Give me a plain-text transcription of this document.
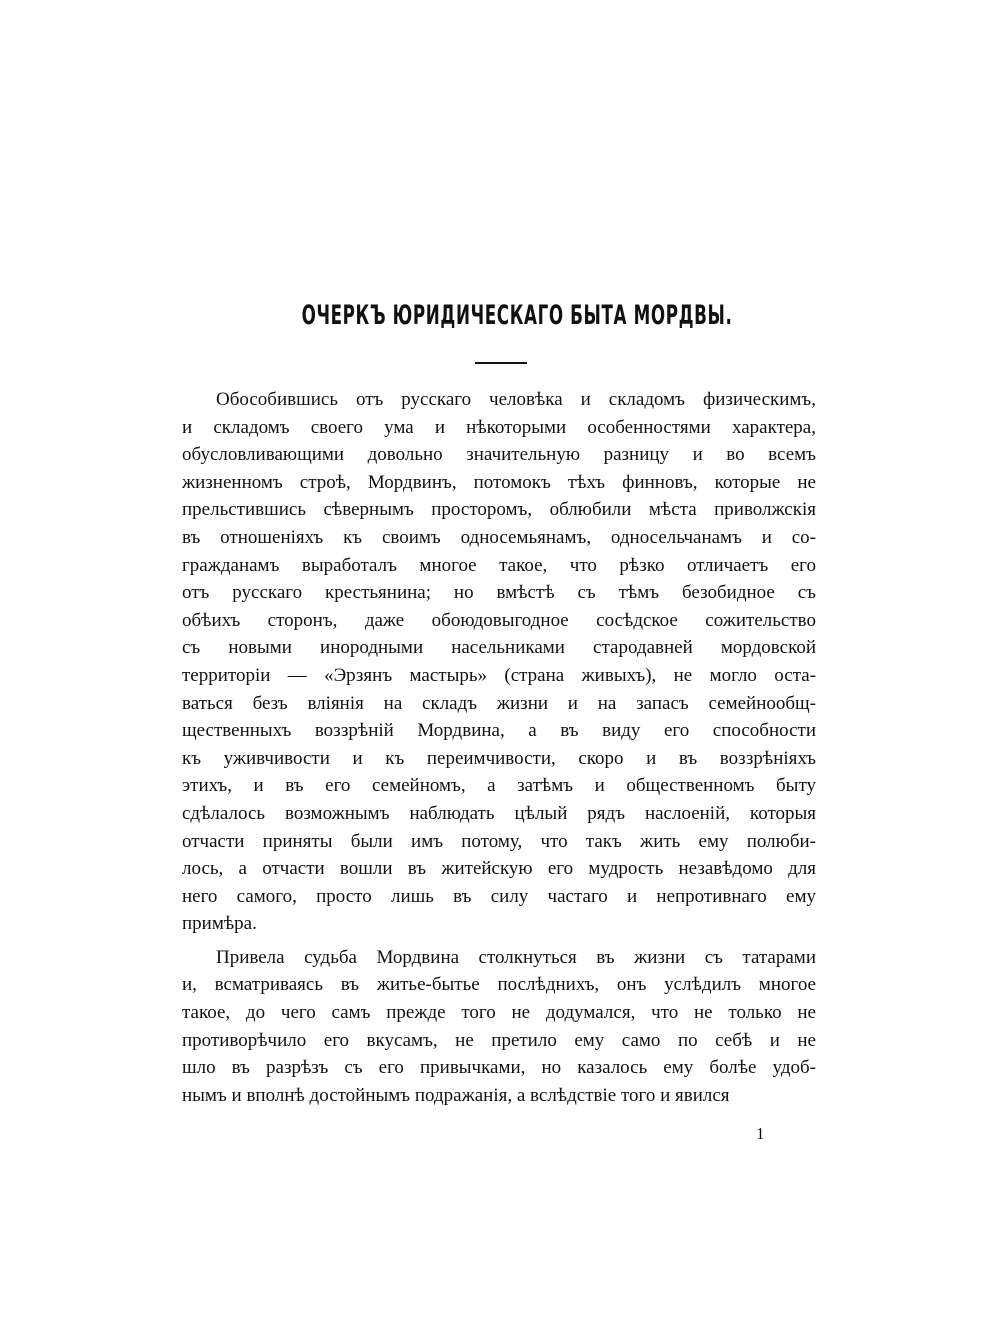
ОЧЕРКЪ ЮРИДИЧЕСКАГО БЫТА МОРДВЫ.
Обособившись отъ русскаго человѣка и складомъ физическимъ,
и складомъ своего ума и нѣкоторыми особенностями характера,
обусловливающими довольно значительную разницу и во всемъ
жизненномъ строѣ, Мордвинъ, потомокъ тѣхъ финновъ, которые не
прельстившись сѣвернымъ просторомъ, облюбили мѣста приволжскія
въ отношеніяхъ къ своимъ односемьянамъ, односельчанамъ и со-
гражданамъ выработалъ многое такое, что рѣзко отличаетъ его
отъ русскаго крестьянина; но вмѣстѣ съ тѣмъ безобидное съ
обѣихъ сторонъ, даже обоюдовыгодное сосѣдское сожительство
съ новыми инородными насельниками стародавней мордовской
территоріи — «Эрзянъ мастырь» (страна живыхъ), не могло оста-
ваться безъ вліянія на складъ жизни и на запасъ семейнообщ-
щественныхъ воззрѣній Мордвина, а въ виду его способности
къ уживчивости и къ переимчивости, скоро и въ воззрѣніяхъ
этихъ, и въ его семейномъ, а затѣмъ и общественномъ быту
сдѣлалось возможнымъ наблюдать цѣлый рядъ наслоеній, которыя
отчасти приняты были имъ потому, что такъ жить ему полюби-
лось, а отчасти вошли въ житейскую его мудрость незавѣдомо для
него самого, просто лишь въ силу частаго и непротивнаго ему
примѣра.
Привела судьба Мордвина столкнуться въ жизни съ татарами
и, всматриваясь въ житье-бытье послѣднихъ, онъ услѣдилъ многое
такое, до чего самъ прежде того не додумался, что не только не
противорѣчило его вкусамъ, не претило ему само по себѣ и не
шло въ разрѣзъ съ его привычками, но казалось ему болѣе удоб-
нымъ и вполнѣ достойнымъ подражанія, а вслѣдствіе того и явился
1
